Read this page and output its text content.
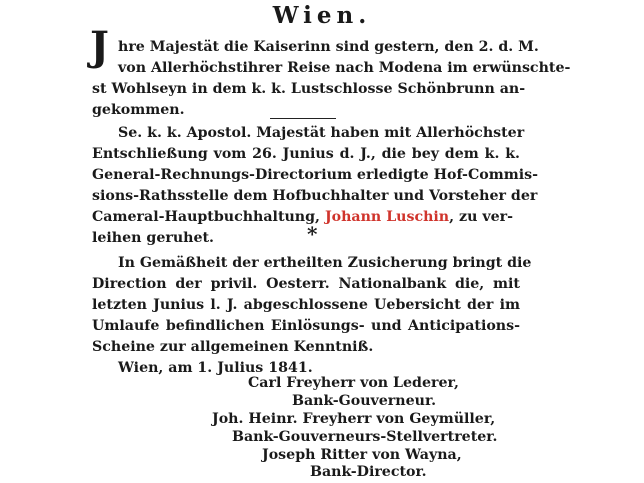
Wien.
J hre Majestät die Kaiserinn sind gestern, den 2. d. M.
von Allerhöchstihrer Reise nach Modena im erwünschte-
st Wohlseyn in dem k. k. Lustschlosse Schönbrunn an-
gekommen.
Se. k. k. Apostol. Majestät haben mit Allerhöchster
Entschließung vom 26. Junius d. J., die bey dem k. k.
General-Rechnungs-Directorium erledigte Hof-Commis-
sions-Rathsstelle dem Hofbuchhalter und Vorsteher der
Cameral-Hauptbuchhaltung, Johann Luschin, zu ver-
leihen geruhet.	*
In Gemäßheit der ertheilten Zusicherung bringt die
Direction der privil. Oesterr. Nationalbank die, mit
letzten Junius l. J. abgeschlossene Uebersicht der im
Umlaufe befindlichen Einlösungs- und Anticipations-
Scheine zur allgemeinen Kenntniß.
Wien, am 1. Julius 1841.
Carl Freyherr von Lederer,
Bank-Gouverneur.
Joh. Heinr. Freyherr von Geymüller,
Bank-Gouverneurs-Stellvertreter.
Joseph Ritter von Wayna,
Bank-Director.
